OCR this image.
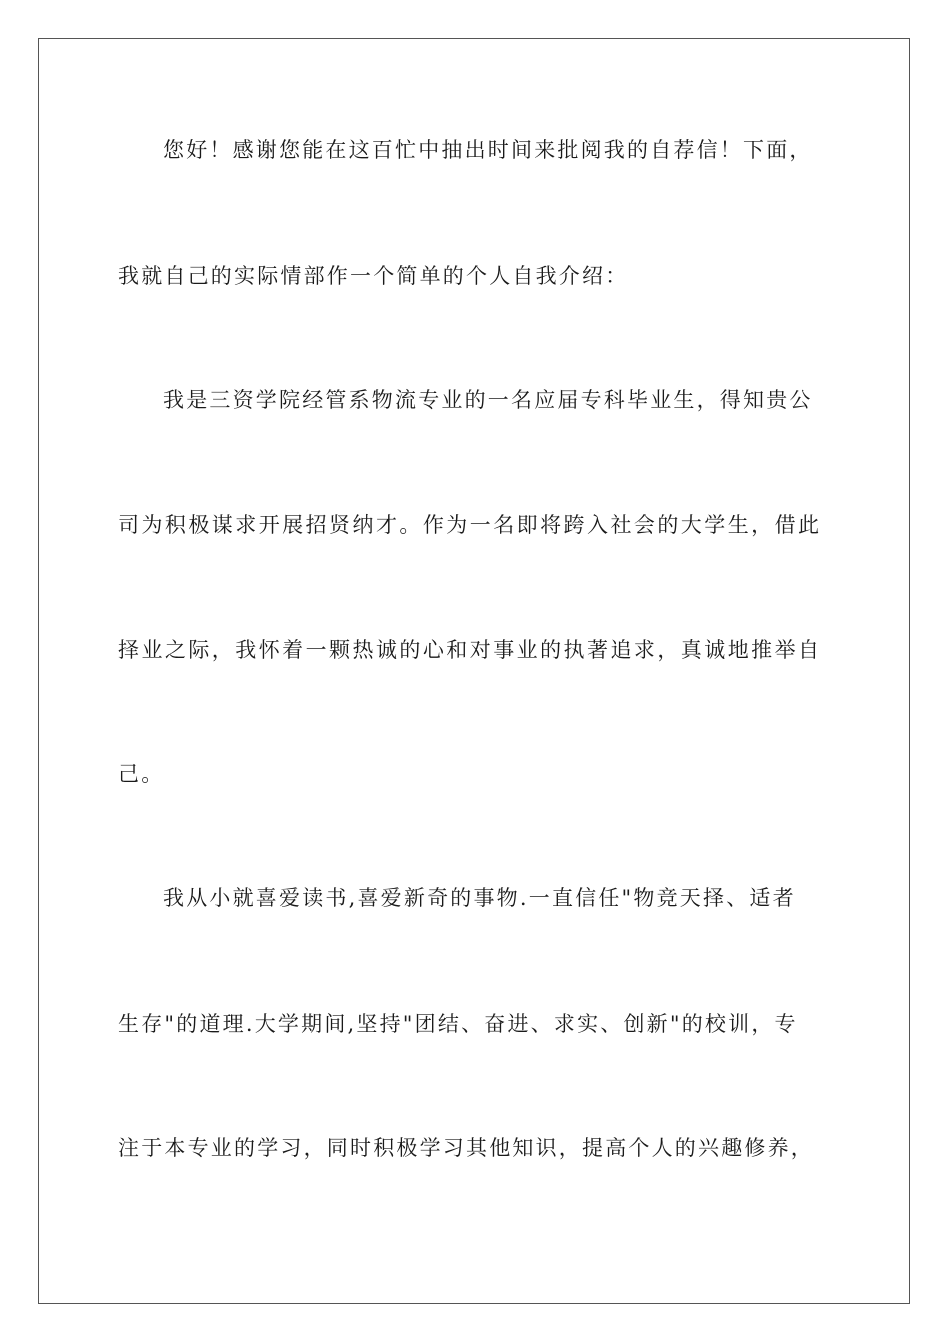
您好！感谢您能在这百忙中抽出时间来批阅我的自荐信！下面，
我就自己的实际情部作一个简单的个人自我介绍：
我是三资学院经管系物流专业的一名应届专科毕业生，得知贵公
司为积极谋求开展招贤纳才。作为一名即将跨入社会的大学生，借此
择业之际，我怀着一颗热诚的心和对事业的执著追求，真诚地推举自
己。
我从小就喜爱读书,喜爱新奇的事物.一直信任"物竞天择、适者
生存"的道理.大学期间,坚持"团结、奋进、求实、创新"的校训，专
注于本专业的学习，同时积极学习其他知识，提高个人的兴趣修养，
